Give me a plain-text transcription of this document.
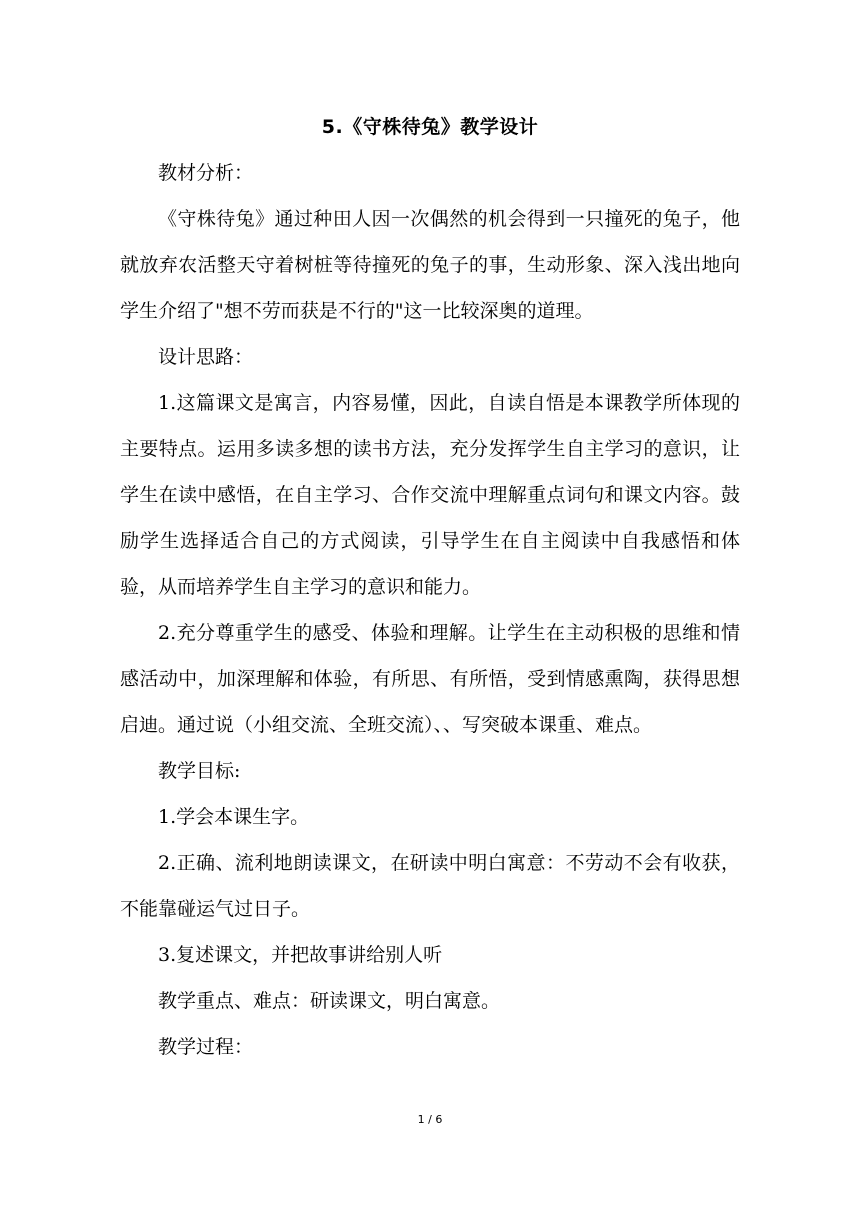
5.《守株待兔》教学设计

教材分析：

《守株待兔》通过种田人因一次偶然的机会得到一只撞死的兔子，他就放弃农活整天守着树桩等待撞死的兔子的事，生动形象、深入浅出地向学生介绍了"想不劳而获是不行的"这一比较深奥的道理。

设计思路：

1.这篇课文是寓言，内容易懂，因此，自读自悟是本课教学所体现的主要特点。运用多读多想的读书方法，充分发挥学生自主学习的意识，让学生在读中感悟，在自主学习、合作交流中理解重点词句和课文内容。鼓励学生选择适合自己的方式阅读，引导学生在自主阅读中自我感悟和体验，从而培养学生自主学习的意识和能力。

2.充分尊重学生的感受、体验和理解。让学生在主动积极的思维和情感活动中，加深理解和体验，有所思、有所悟，受到情感熏陶，获得思想启迪。通过说（小组交流、全班交流）、、写突破本课重、难点。

教学目标:

1.学会本课生字。

2.正确、流利地朗读课文，在研读中明白寓意：不劳动不会有收获，不能靠碰运气过日子。

3.复述课文，并把故事讲给别人听

教学重点、难点：研读课文，明白寓意。

教学过程：

1 / 6
